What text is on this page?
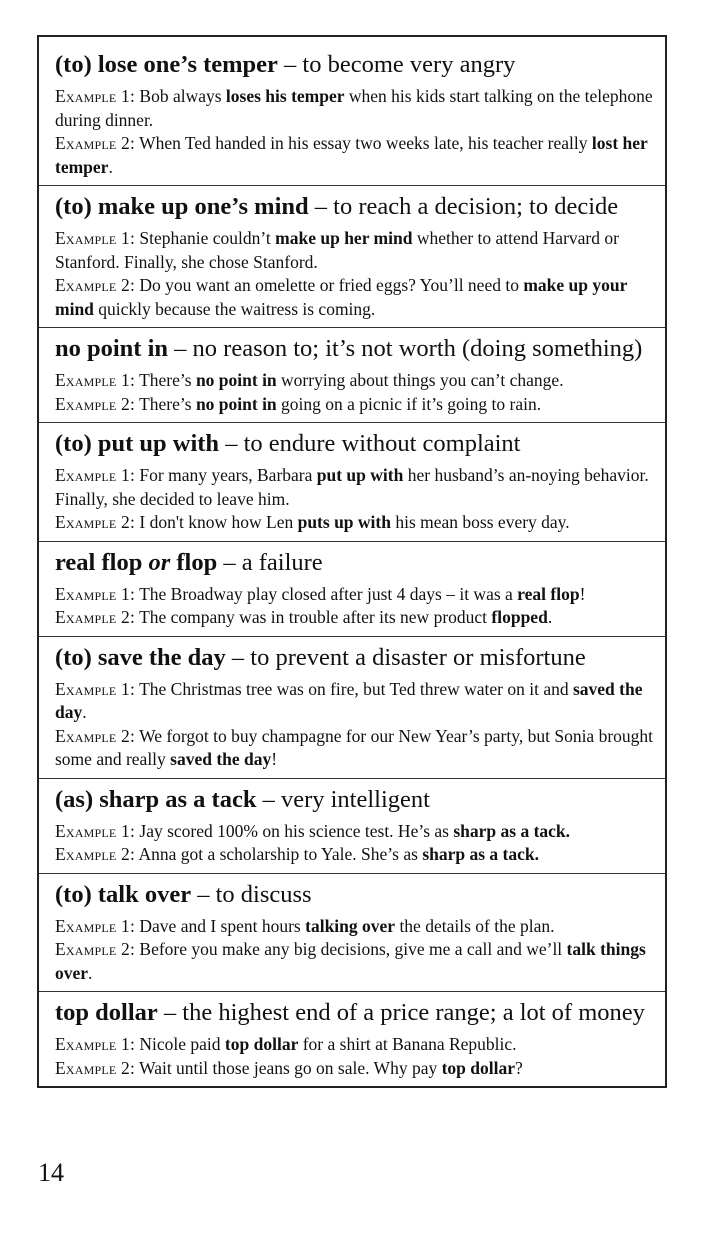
(to) lose one’s temper – to become very angry
Example 1: Bob always loses his temper when his kids start talking on the telephone during dinner.
Example 2: When Ted handed in his essay two weeks late, his teacher really lost her temper.
(to) make up one’s mind – to reach a decision; to decide
Example 1: Stephanie couldn’t make up her mind whether to attend Harvard or Stanford. Finally, she chose Stanford.
Example 2: Do you want an omelette or fried eggs? You’ll need to make up your mind quickly because the waitress is coming.
no point in – no reason to; it’s not worth (doing something)
Example 1: There’s no point in worrying about things you can’t change.
Example 2: There’s no point in going on a picnic if it’s going to rain.
(to) put up with – to endure without complaint
Example 1: For many years, Barbara put up with her husband’s an-noying behavior. Finally, she decided to leave him.
Example 2: I don't know how Len puts up with his mean boss every day.
real flop or flop – a failure
Example 1: The Broadway play closed after just 4 days – it was a real flop!
Example 2: The company was in trouble after its new product flopped.
(to) save the day – to prevent a disaster or misfortune
Example 1: The Christmas tree was on fire, but Ted threw water on it and saved the day.
Example 2: We forgot to buy champagne for our New Year’s party, but Sonia brought some and really saved the day!
(as) sharp as a tack – very intelligent
Example 1: Jay scored 100% on his science test. He’s as sharp as a tack.
Example 2: Anna got a scholarship to Yale. She’s as sharp as a tack.
(to) talk over – to discuss
Example 1: Dave and I spent hours talking over the details of the plan.
Example 2: Before you make any big decisions, give me a call and we’ll talk things over.
top dollar – the highest end of a price range; a lot of money
Example 1: Nicole paid top dollar for a shirt at Banana Republic.
Example 2: Wait until those jeans go on sale. Why pay top dollar?
14
